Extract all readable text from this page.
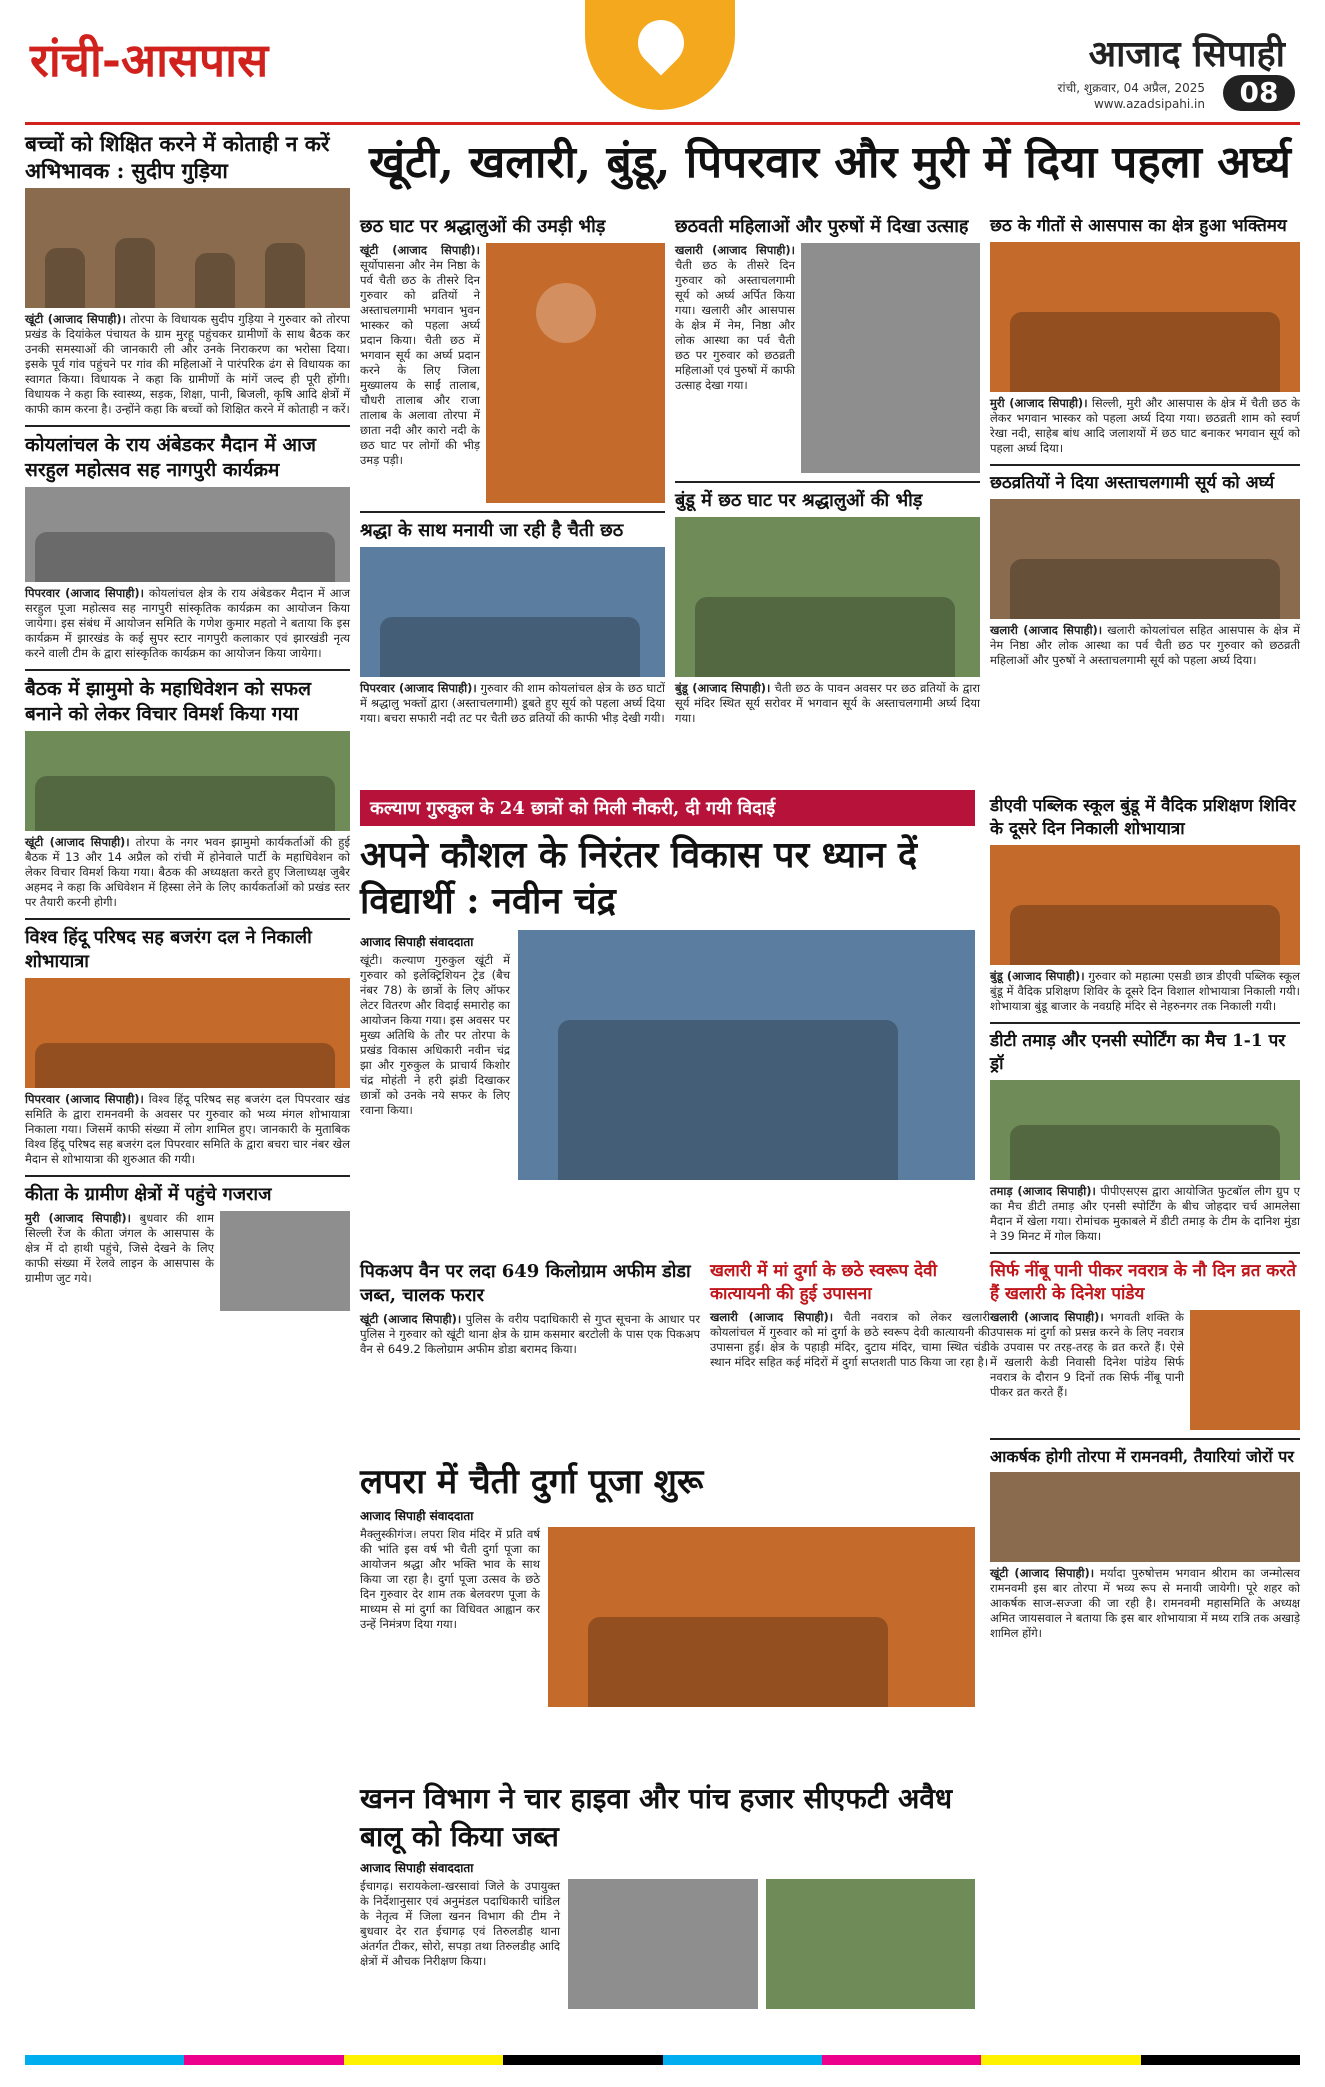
रांची-आसपास	आजाद सिपाही
रांची, शुक्रवार, 04 अप्रैल, 2025
www.azadsipahi.in	08
बच्चों को शिक्षित करने में कोताही न करें अभिभावक : सुदीप गुड़िया
खूंटी (आजाद सिपाही)। तोरपा के विधायक सुदीप गुड़िया ने गुरुवार को तोरपा प्रखंड के दियांकेल पंचायत के ग्राम मुरहू पहुंचकर ग्रामीणों के साथ बैठक कर उनकी समस्याओं की जानकारी ली और उनके निराकरण का भरोसा दिया। इसके पूर्व गांव पहुंचने पर गांव की महिलाओं ने पारंपरिक ढंग से विधायक का स्वागत किया। विधायक ने कहा कि ग्रामीणों के मांगें जल्द ही पूरी होंगी। विधायक ने कहा कि स्वास्थ्य, सड़क, शिक्षा, पानी, बिजली, कृषि आदि क्षेत्रों में काफी काम करना है। उन्होंने कहा कि बच्चों को शिक्षित करने में कोताही न करें।
कोयलांचल के राय अंबेडकर मैदान में आज सरहुल महोत्सव सह नागपुरी कार्यक्रम
पिपरवार (आजाद सिपाही)। कोयलांचल क्षेत्र के राय अंबेडकर मैदान में आज सरहुल पूजा महोत्सव सह नागपुरी सांस्कृतिक कार्यक्रम का आयोजन किया जायेगा। इस संबंध में आयोजन समिति के गणेश कुमार महतो ने बताया कि इस कार्यक्रम में झारखंड के कई सुपर स्टार नागपुरी कलाकार एवं झारखंडी नृत्य करने वाली टीम के द्वारा सांस्कृतिक कार्यक्रम का आयोजन किया जायेगा।
बैठक में झामुमो के महाधिवेशन को सफल बनाने को लेकर विचार विमर्श किया गया
खूंटी (आजाद सिपाही)। तोरपा के नगर भवन झामुमो कार्यकर्ताओं की हुई बैठक में 13 और 14 अप्रैल को रांची में होनेवाले पार्टी के महाधिवेशन को लेकर विचार विमर्श किया गया। बैठक की अध्यक्षता करते हुए जिलाध्यक्ष जुबैर अहमद ने कहा कि अधिवेशन में हिस्सा लेने के लिए कार्यकर्ताओं को प्रखंड स्तर पर तैयारी करनी होगी।
विश्व हिंदू परिषद सह बजरंग दल ने निकाली शोभायात्रा
पिपरवार (आजाद सिपाही)। विश्व हिंदू परिषद सह बजरंग दल पिपरवार खंड समिति के द्वारा रामनवमी के अवसर पर गुरुवार को भव्य मंगल शोभायात्रा निकाला गया। जिसमें काफी संख्या में लोग शामिल हुए। जानकारी के मुताबिक विश्व हिंदू परिषद सह बजरंग दल पिपरवार समिति के द्वारा बचरा चार नंबर खेल मैदान से शोभायात्रा की शुरुआत की गयी।
कीता के ग्रामीण क्षेत्रों में पहुंचे गजराज
मुरी (आजाद सिपाही)। बुधवार की शाम सिल्ली रेंज के कीता जंगल के आसपास के क्षेत्र में दो हाथी पहुंचे, जिसे देखने के लिए काफी संख्या में रेलवे लाइन के आसपास के ग्रामीण जुट गये।
खूंटी, खलारी, बुंडू, पिपरवार और मुरी में दिया पहला अर्घ्य
छठ घाट पर श्रद्धालुओं की उमड़ी भीड़
खूंटी (आजाद सिपाही)। सूर्योपासना और नेम निष्ठा के पर्व चैती छठ के तीसरे दिन गुरुवार को व्रतियों ने अस्ताचलगामी भगवान भुवन भास्कर को पहला अर्घ्य प्रदान किया। चैती छठ में भगवान सूर्य का अर्घ्य प्रदान करने के लिए जिला मुख्यालय के साईं तालाब, चौधरी तालाब और राजा तालाब के अलावा तोरपा में छाता नदी और कारो नदी के छठ घाट पर लोगों की भीड़ उमड़ पड़ी।
श्रद्धा के साथ मनायी जा रही है चैती छठ
पिपरवार (आजाद सिपाही)। गुरुवार की शाम कोयलांचल क्षेत्र के छठ घाटों में श्रद्धालु भक्तों द्वारा (अस्ताचलगामी) डूबते हुए सूर्य को पहला अर्घ्य दिया गया। बचरा सफारी नदी तट पर चैती छठ व्रतियों की काफी भीड़ देखी गयी।
छठवती महिलाओं और पुरुषों में दिखा उत्साह
खलारी (आजाद सिपाही)। चैती छठ के तीसरे दिन गुरुवार को अस्ताचलगामी सूर्य को अर्घ्य अर्पित किया गया। खलारी और आसपास के क्षेत्र में नेम, निष्ठा और लोक आस्था का पर्व चैती छठ पर गुरुवार को छठव्रती महिलाओं एवं पुरुषों में काफी उत्साह देखा गया।
बुंडू में छठ घाट पर श्रद्धालुओं की भीड़
बुंडू (आजाद सिपाही)। चैती छठ के पावन अवसर पर छठ व्रतियों के द्वारा सूर्य मंदिर स्थित सूर्य सरोवर में भगवान सूर्य के अस्ताचलगामी अर्घ्य दिया गया।
छठ के गीतों से आसपास का क्षेत्र हुआ भक्तिमय
मुरी (आजाद सिपाही)। सिल्ली, मुरी और आसपास के क्षेत्र में चैती छठ के लेकर भगवान भास्कर को पहला अर्घ्य दिया गया। छठव्रती शाम को स्वर्ण रेखा नदी, साहेब बांध आदि जलाशयों में छठ घाट बनाकर भगवान सूर्य को पहला अर्घ्य दिया।
छठव्रतियों ने दिया अस्ताचलगामी सूर्य को अर्घ्य
खलारी (आजाद सिपाही)। खलारी कोयलांचल सहित आसपास के क्षेत्र में नेम निष्ठा और लोक आस्था का पर्व चैती छठ पर गुरुवार को छठव्रती महिलाओं और पुरुषों ने अस्ताचलगामी सूर्य को पहला अर्घ्य दिया।
कल्याण गुरुकुल के 24 छात्रों को मिली नौकरी, दी गयी विदाई
अपने कौशल के निरंतर विकास पर ध्यान दें विद्यार्थी : नवीन चंद्र
आजाद सिपाही संवाददाता
खूंटी। कल्याण गुरुकुल खूंटी में गुरुवार को इलेक्ट्रिशियन ट्रेड (बैच नंबर 78) के छात्रों के लिए ऑफर लेटर वितरण और विदाई समारोह का आयोजन किया गया। इस अवसर पर मुख्य अतिथि के तौर पर तोरपा के प्रखंड विकास अधिकारी नवीन चंद्र झा और गुरुकुल के प्राचार्य किशोर चंद्र मोहंती ने हरी झंडी दिखाकर छात्रों को उनके नये सफर के लिए रवाना किया।
पिकअप वैन पर लदा 649 किलोग्राम अफीम डोडा जब्त, चालक फरार
खूंटी (आजाद सिपाही)। पुलिस के वरीय पदाधिकारी से गुप्त सूचना के आधार पर पुलिस ने गुरुवार को खूंटी थाना क्षेत्र के ग्राम कसमार बरटोली के पास एक पिकअप वैन से 649.2 किलोग्राम अफीम डोडा बरामद किया।
खलारी में मां दुर्गा के छठे स्वरूप देवी कात्यायनी की हुई उपासना
खलारी (आजाद सिपाही)। चैती नवरात्र को लेकर खलारी कोयलांचल में गुरुवार को मां दुर्गा के छठे स्वरूप देवी कात्यायनी की उपासना हुई। क्षेत्र के पहाड़ी मंदिर, दुटाय मंदिर, चामा स्थित चंडी स्थान मंदिर सहित कई मंदिरों में दुर्गा सप्तशती पाठ किया जा रहा है।
लपरा में चैती दुर्गा पूजा शुरू
आजाद सिपाही संवाददाता
मैक्लुस्कीगंज। लपरा शिव मंदिर में प्रति वर्ष की भांति इस वर्ष भी चैती दुर्गा पूजा का आयोजन श्रद्धा और भक्ति भाव के साथ किया जा रहा है। दुर्गा पूजा उत्सव के छठे दिन गुरुवार देर शाम तक बेलवरण पूजा के माध्यम से मां दुर्गा का विधिवत आह्वान कर उन्हें निमंत्रण दिया गया।
खनन विभाग ने चार हाइवा और पांच हजार सीएफटी अवैध बालू को किया जब्त
आजाद सिपाही संवाददाता
ईचागढ़। सरायकेला-खरसावां जिले के उपायुक्त के निर्देशानुसार एवं अनुमंडल पदाधिकारी चांडिल के नेतृत्व में जिला खनन विभाग की टीम ने बुधवार देर रात ईचागढ़ एवं तिरुलडीह थाना अंतर्गत टीकर, सोरो, सपड़ा तथा तिरुलडीह आदि क्षेत्रों में औचक निरीक्षण किया।
डीएवी पब्लिक स्कूल बुंडू में वैदिक प्रशिक्षण शिविर के दूसरे दिन निकाली शोभायात्रा
बुंडू (आजाद सिपाही)। गुरुवार को महात्मा एसडी छात्र डीएवी पब्लिक स्कूल बुंडू में वैदिक प्रशिक्षण शिविर के दूसरे दिन विशाल शोभायात्रा निकाली गयी। शोभायात्रा बुंडू बाजार के नवग्रहि मंदिर से नेहरुनगर तक निकाली गयी।
डीटी तमाड़ और एनसी स्पोर्टिंग का मैच 1-1 पर ड्रॉ
तमाड़ (आजाद सिपाही)। पीपीएसएस द्वारा आयोजित फुटबॉल लीग ग्रुप ए का मैच डीटी तमाड़ और एनसी स्पोर्टिंग के बीच जोहदार चर्च आमलेसा मैदान में खेला गया। रोमांचक मुकाबले में डीटी तमाड़ के टीम के दानिश मुंडा ने 39 मिनट में गोल किया।
सिर्फ नींबू पानी पीकर नवरात्र के नौ दिन व्रत करते हैं खलारी के दिनेश पांडेय
खलारी (आजाद सिपाही)। भगवती शक्ति के उपासक मां दुर्गा को प्रसन्न करने के लिए नवरात्र के उपवास पर तरह-तरह के व्रत करते हैं। ऐसे में खलारी केडी निवासी दिनेश पांडेय सिर्फ नवरात्र के दौरान 9 दिनों तक सिर्फ नींबू पानी पीकर व्रत करते हैं।
आकर्षक होगी तोरपा में रामनवमी, तैयारियां जोरों पर
खूंटी (आजाद सिपाही)। मर्यादा पुरुषोत्तम भगवान श्रीराम का जन्मोत्सव रामनवमी इस बार तोरपा में भव्य रूप से मनायी जायेगी। पूरे शहर को आकर्षक साज-सज्जा की जा रही है। रामनवमी महासमिति के अध्यक्ष अमित जायसवाल ने बताया कि इस बार शोभायात्रा में मध्य रात्रि तक अखाड़े शामिल होंगे।
